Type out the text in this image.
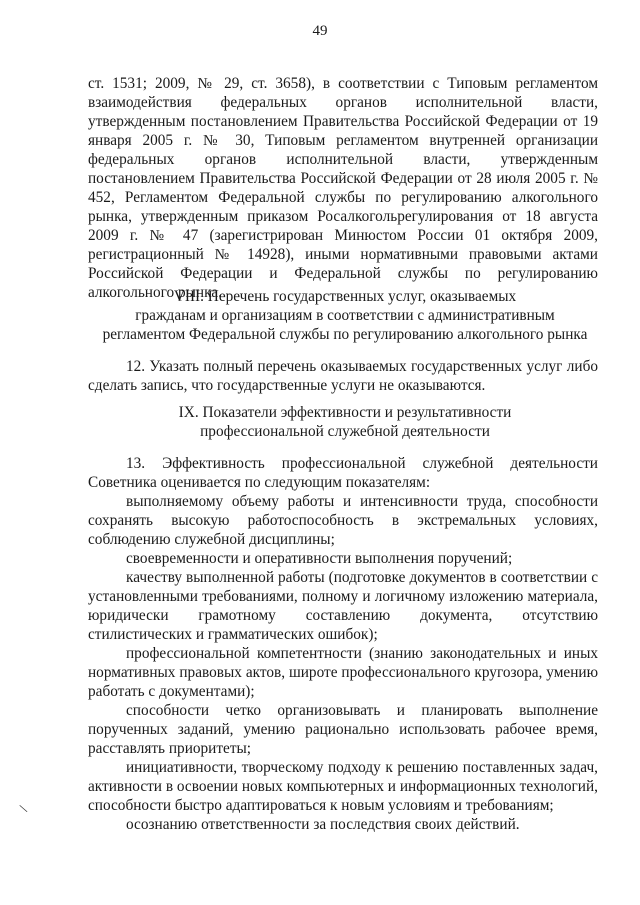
49

ст. 1531; 2009, № 29, ст. 3658), в соответствии с Типовым регламентом взаимодействия федеральных органов исполнительной власти, утвержденным постановлением Правительства Российской Федерации от 19 января 2005 г. № 30, Типовым регламентом внутренней организации федеральных органов исполнительной власти, утвержденным постановлением Правительства Российской Федерации от 28 июля 2005 г. № 452, Регламентом Федеральной службы по регулированию алкогольного рынка, утвержденным приказом Росалкогольрегулирования от 18 августа 2009 г. № 47 (зарегистрирован Минюстом России 01 октября 2009, регистрационный № 14928), иными нормативными правовыми актами Российской Федерации и Федеральной службы по регулированию алкогольного рынка.

VIII. Перечень государственных услуг, оказываемых

гражданам и организациям в соответствии с административным

регламентом Федеральной службы по регулированию алкогольного рынка

12. Указать полный перечень оказываемых государственных услуг либо сделать запись, что государственные услуги не оказываются.

IX. Показатели эффективности и результативности

профессиональной служебной деятельности

13. Эффективность профессиональной служебной деятельности Советника оценивается по следующим показателям:

выполняемому объему работы и интенсивности труда, способности сохранять высокую работоспособность в экстремальных условиях, соблюдению служебной дисциплины;

своевременности и оперативности выполнения поручений;

качеству выполненной работы (подготовке документов в соответствии с установленными требованиями, полному и логичному изложению материала, юридически грамотному составлению документа, отсутствию стилистических и грамматических ошибок);

профессиональной компетентности (знанию законодательных и иных нормативных правовых актов, широте профессионального кругозора, умению работать с документами);

способности четко организовывать и планировать выполнение порученных заданий, умению рационально использовать рабочее время, расставлять приоритеты;

инициативности, творческому подходу к решению поставленных задач, активности в освоении новых компьютерных и информационных технологий, способности быстро адаптироваться к новым условиям и требованиям;

осознанию ответственности за последствия своих действий.

\
